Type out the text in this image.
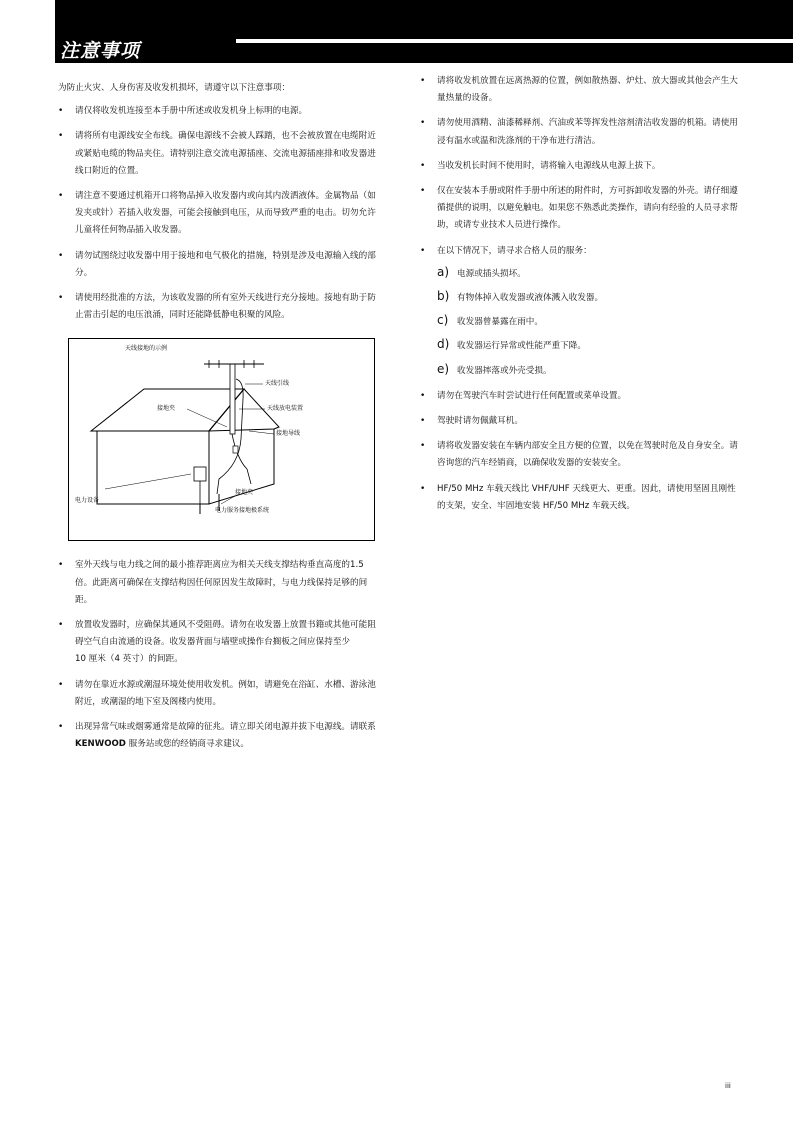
注意事项

为防止火灾、人身伤害及收发机损坏，请遵守以下注意事项：

• 请仅将收发机连接至本手册中所述或收发机身上标明的电源。
• 请将所有电源线安全布线。确保电源线不会被人踩踏，也不会被放置在电缆附近或紧贴电缆的物品夹住。请特别注意交流电源插座、交流电源插座排和收发器进线口附近的位置。
• 请注意不要通过机箱开口将物品掉入收发器内或向其内泼洒液体。金属物品（如发夹或针）若插入收发器，可能会接触到电压，从而导致严重的电击。切勿允许儿童将任何物品插入收发器。
• 请勿试图绕过收发器中用于接地和电气极化的措施，特别是涉及电源输入线的部分。
• 请使用经批准的方法，为该收发器的所有室外天线进行充分接地。接地有助于防止雷击引起的电压浪涌，同时还能降低静电积聚的风险。
天线接地的示例
天线引线
接地夹	天线放电装置
接地导线
接地夹
电力设备
电力服务接地极系统
• 室外天线与电力线之间的最小推荐距离应为相关天线支撑结构垂直高度的1.5倍。此距离可确保在支撑结构因任何原因发生故障时，与电力线保持足够的间距。
• 放置收发器时，应确保其通风不受阻碍。请勿在收发器上放置书籍或其他可能阻碍空气自由流通的设备。收发器背面与墙壁或操作台搁板之间应保持至少
10 厘米（4 英寸）的间距。
• 请勿在靠近水源或潮湿环境处使用收发机。例如，请避免在浴缸、水槽、游泳池附近，或潮湿的地下室及阁楼内使用。
• 出现异常气味或烟雾通常是故障的征兆。请立即关闭电源并拔下电源线。请联系 KENWOOD 服务站或您的经销商寻求建议。
• 请将收发机放置在远离热源的位置，例如散热器、炉灶、放大器或其他会产生大量热量的设备。
• 请勿使用酒精、油漆稀释剂、汽油或苯等挥发性溶剂清洁收发器的机箱。请使用浸有温水或温和洗涤剂的干净布进行清洁。
• 当收发机长时间不使用时，请将输入电源线从电源上拔下。
• 仅在安装本手册或附件手册中所述的附件时，方可拆卸收发器的外壳。请仔细遵循提供的说明，以避免触电。如果您不熟悉此类操作，请向有经验的人员寻求帮助，或请专业技术人员进行操作。
• 在以下情况下，请寻求合格人员的服务：
a) 电源或插头损坏。
b) 有物体掉入收发器或液体溅入收发器。
c) 收发器曾暴露在雨中。
d) 收发器运行异常或性能严重下降。
e) 收发器摔落或外壳受损。
• 请勿在驾驶汽车时尝试进行任何配置或菜单设置。
• 驾驶时请勿佩戴耳机。
• 请将收发器安装在车辆内部安全且方便的位置，以免在驾驶时危及自身安全。请咨询您的汽车经销商，以确保收发器的安装安全。
• HF/50 MHz 车载天线比 VHF/UHF 天线更大、更重。因此，请使用坚固且刚性的支架，安全、牢固地安装 HF/50 MHz 车载天线。
iii
